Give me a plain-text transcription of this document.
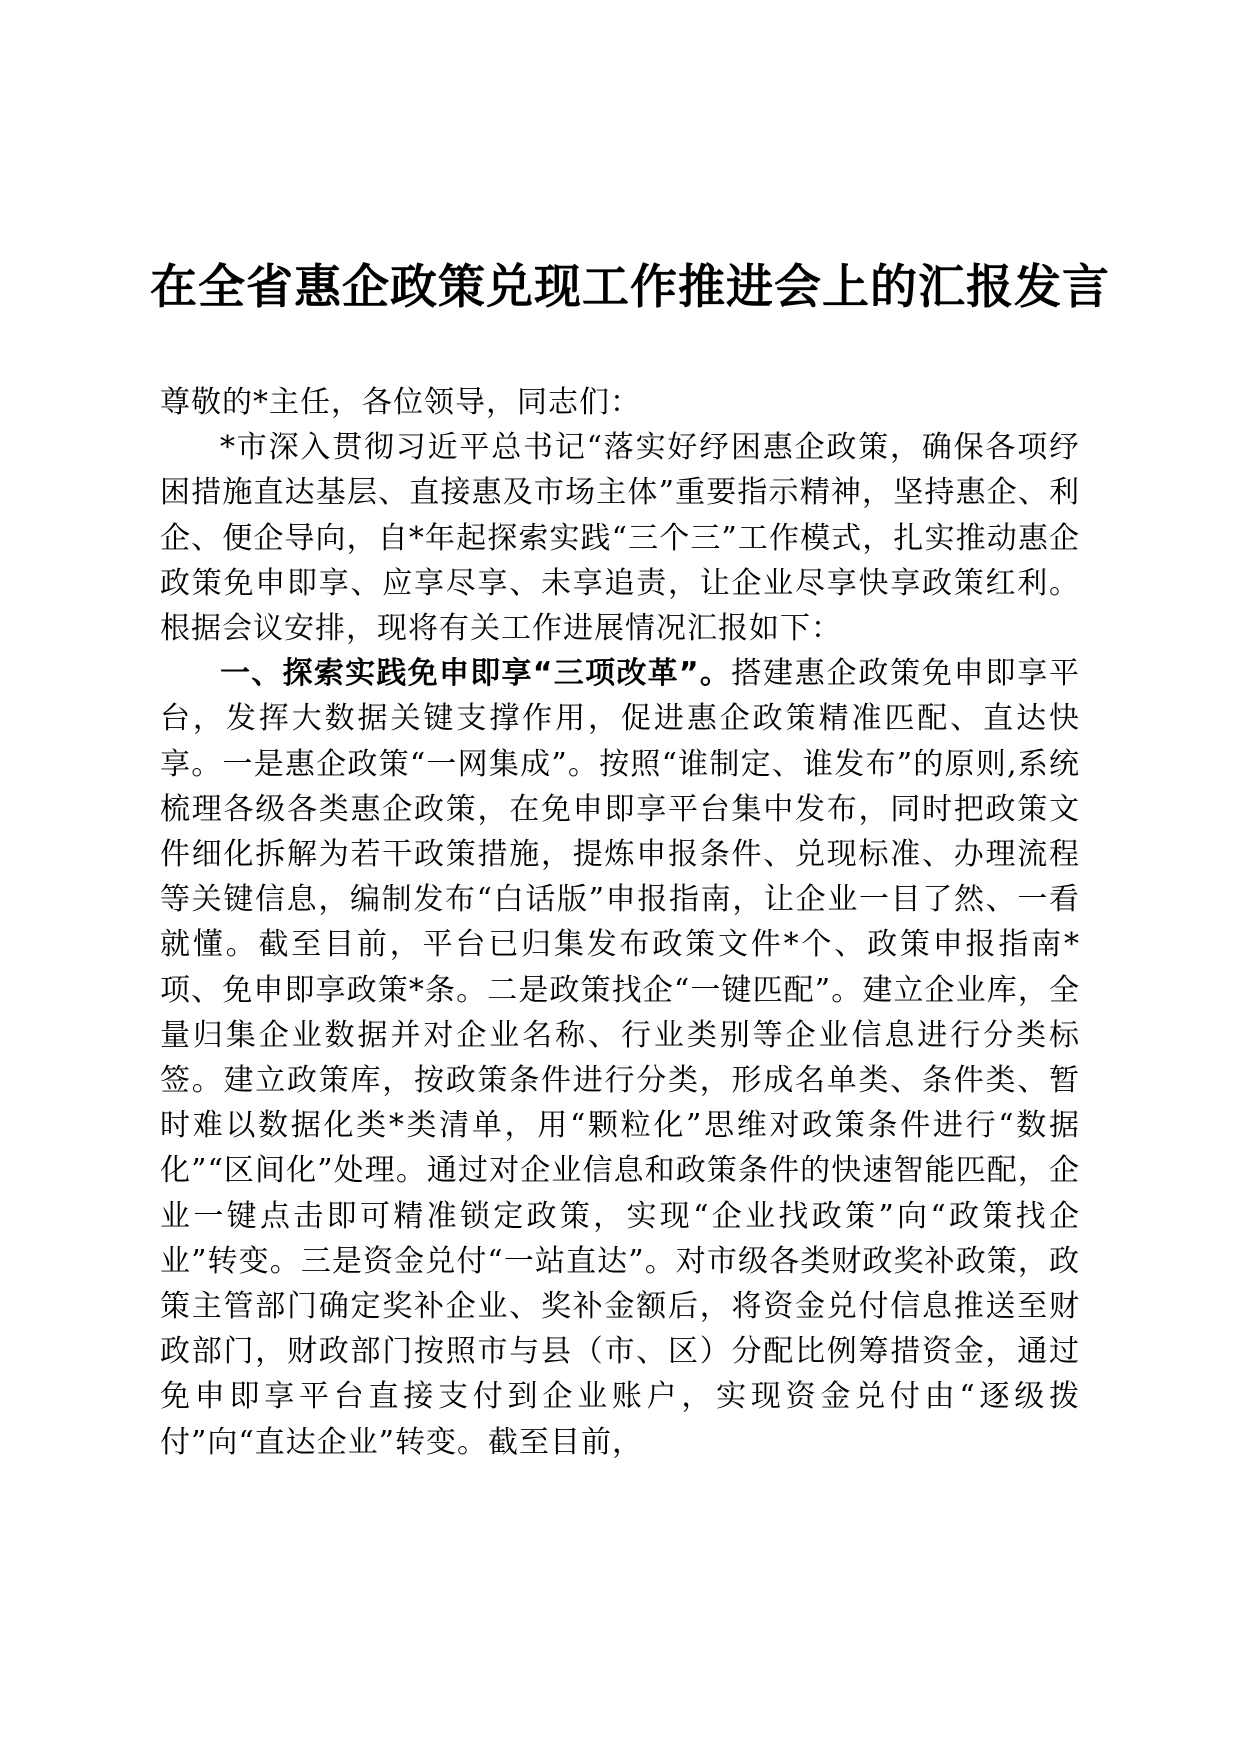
在全省惠企政策兑现工作推进会上的汇报发言

尊敬的*主任，各位领导，同志们：

*市深入贯彻习近平总书记“落实好纾困惠企政策，确保各项纾困措施直达基层、直接惠及市场主体”重要指示精神，坚持惠企、利企、便企导向，自*年起探索实践“三个三”工作模式，扎实推动惠企政策免申即享、应享尽享、未享追责，让企业尽享快享政策红利。根据会议安排，现将有关工作进展情况汇报如下：

一、探索实践免申即享“三项改革”。搭建惠企政策免申即享平台，发挥大数据关键支撑作用，促进惠企政策精准匹配、直达快享。一是惠企政策“一网集成”。按照“谁制定、谁发布”的原则,系统梳理各级各类惠企政策，在免申即享平台集中发布，同时把政策文件细化拆解为若干政策措施，提炼申报条件、兑现标准、办理流程等关键信息，编制发布“白话版”申报指南，让企业一目了然、一看就懂。截至目前，平台已归集发布政策文件*个、政策申报指南*项、免申即享政策*条。二是政策找企“一键匹配”。建立企业库，全量归集企业数据并对企业名称、行业类别等企业信息进行分类标签。建立政策库，按政策条件进行分类，形成名单类、条件类、暂时难以数据化类*类清单，用“颗粒化”思维对政策条件进行“数据化”“区间化”处理。通过对企业信息和政策条件的快速智能匹配，企业一键点击即可精准锁定政策，实现“企业找政策”向“政策找企业”转变。三是资金兑付“一站直达”。对市级各类财政奖补政策，政策主管部门确定奖补企业、奖补金额后，将资金兑付信息推送至财政部门，财政部门按照市与县（市、区）分配比例筹措资金，通过免申即享平台直接支付到企业账户，实现资金兑付由“逐级拨付”向“直达企业”转变。截至目前，
